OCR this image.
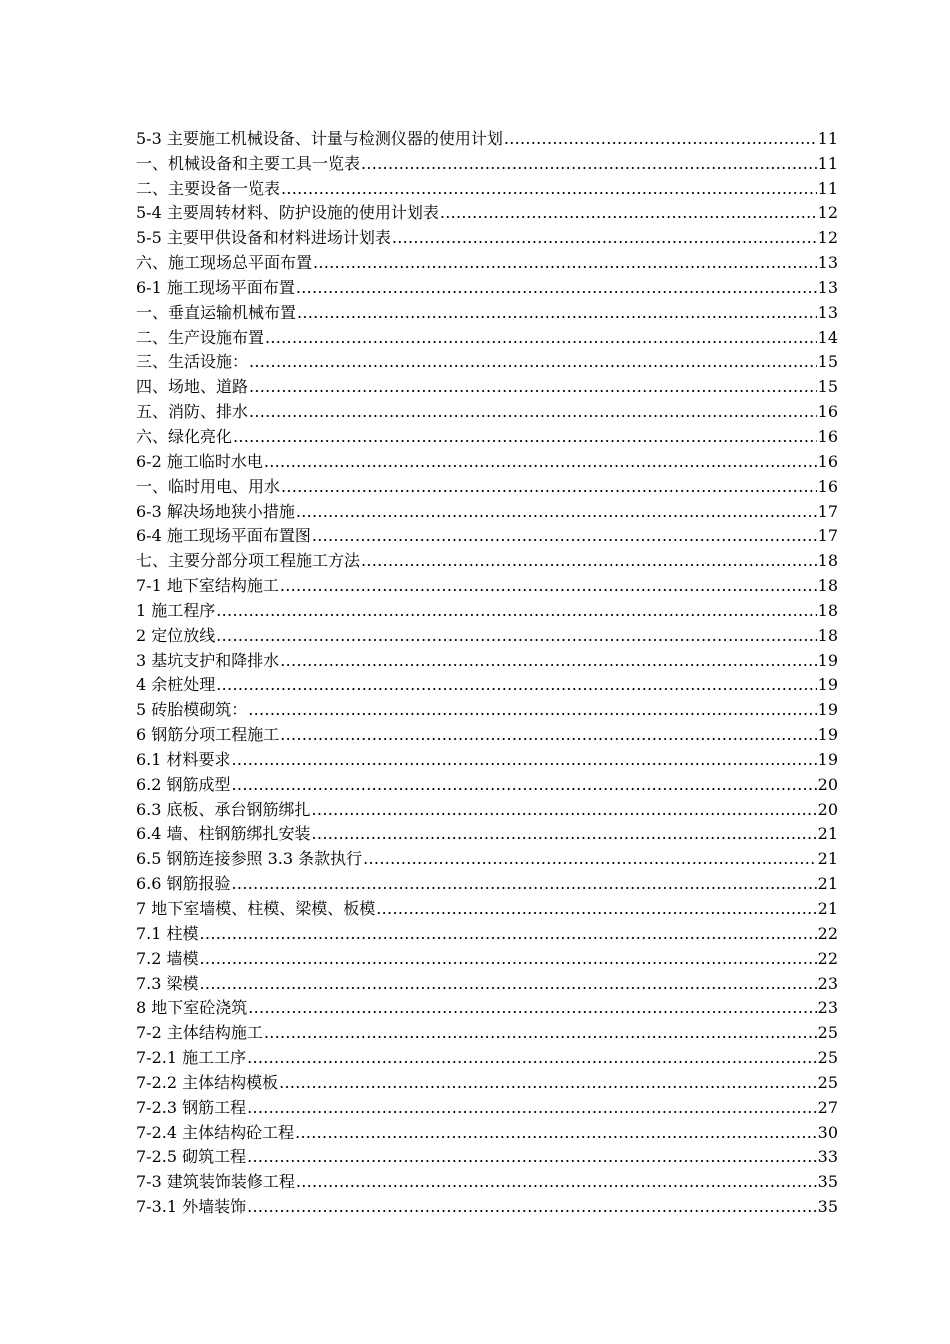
5-3 主要施工机械设备、计量与检测仪器的使用计划 .....	11
一、机械设备和主要工具一览表 .....	11
二、主要设备一览表 .....	11
5-4 主要周转材料、防护设施的使用计划表 .....	12
5-5 主要甲供设备和材料进场计划表 .....	12
六、施工现场总平面布置 .....	13
6-1 施工现场平面布置 .....	13
一、垂直运输机械布置 .....	13
二、生产设施布置 .....	14
三、生活设施： .....	15
四、场地、道路 .....	15
五、消防、排水 .....	16
六、绿化亮化 .....	16
6-2 施工临时水电 .....	16
一、临时用电、用水 .....	16
6-3 解决场地狭小措施 .....	17
6-4 施工现场平面布置图 .....	17
七、主要分部分项工程施工方法 .....	18
7-1 地下室结构施工 .....	18
1 施工程序 .....	18
2 定位放线 .....	18
3 基坑支护和降排水 .....	19
4 余桩处理 .....	19
5 砖胎模砌筑： .....	19
6 钢筋分项工程施工 .....	19
6.1 材料要求 .....	19
6.2 钢筋成型 .....	20
6.3 底板、承台钢筋绑扎 .....	20
6.4 墙、柱钢筋绑扎安装 .....	21
6.5 钢筋连接参照 3.3 条款执行 .....	21
6.6 钢筋报验 .....	21
7 地下室墙模、柱模、梁模、板模 .....	21
7.1 柱模 .....	22
7.2 墙模 .....	22
7.3 梁模 .....	23
8 地下室砼浇筑 .....	23
7-2 主体结构施工 .....	25
7-2.1 施工工序 .....	25
7-2.2 主体结构模板 .....	25
7-2.3 钢筋工程 .....	27
7-2.4 主体结构砼工程 .....	30
7-2.5 砌筑工程 .....	33
7-3 建筑装饰装修工程 .....	35
7-3.1 外墙装饰 .....	35
